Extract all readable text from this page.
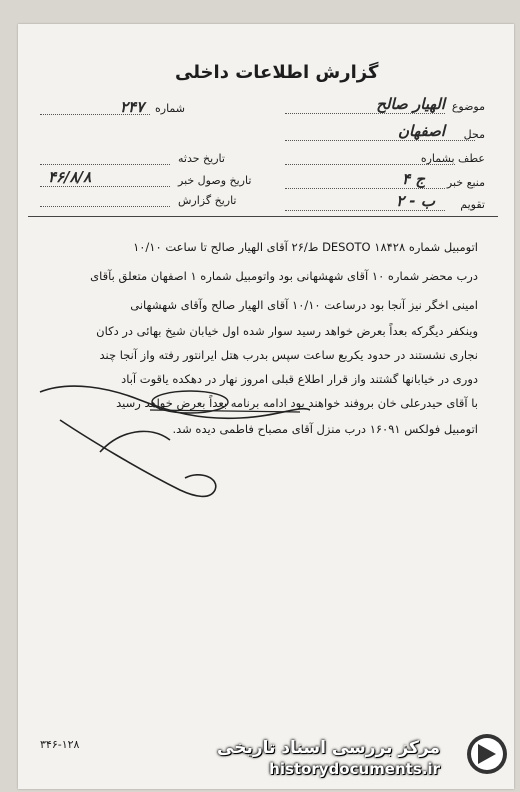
گزارش اطلاعات داخلی
شماره
۲۴۷	موضوع
الهیار صالح
محل
اصفهان
عطف بشماره
منبع خبر
ج ۴
تقویم
ب - ۲
تاریخ حدثه
تاریخ وصول خبر
۴۶/۸/۸
تاریخ گزارش
اتومبیل شماره ۱۸۴۲۸ DESOTO ط/۲۶ آقای الهیار صالح تا ساعت ۱۰/۱۰
درب محضر شماره ۱۰ آقای شهشهانی بود واتومبیل شماره ۱ اصفهان متعلق بآقای
امینی اخگر نیز آنجا بود درساعت ۱۰/۱۰ آقای الهیار صالح وآقای شهشهانی
وینکفر دیگرکه بعداً بعرض خواهد رسید سوار شده اول خیابان شیخ بهائی در دکان
نجاری نشستند در حدود یکربع ساعت سپس بدرب هتل ایرانتور رفته واز آنجا چند
دوری در خیابانها گشتند واز قرار اطلاع قبلی امروز نهار در دهکده یاقوت آباد
با آقای حیدرعلی خان بروفند خواهند بود ادامه برنامه بعداً بعرض خواهد رسید
اتومبیل فولکس ۱۶۰۹۱ درب منزل آقای مصباح فاطمی دیده شد.
۳۴۶-۱۲۸	مرکز بررسی اسناد تاریخی
historydocuments.ir
